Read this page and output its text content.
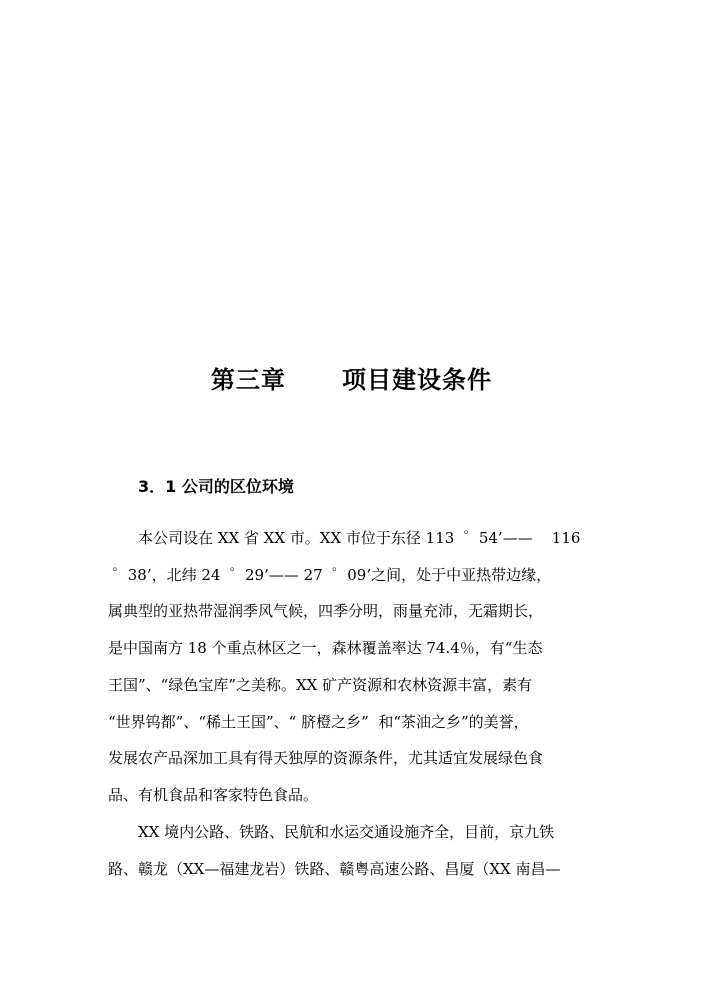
第三章      项目建设条件
3．1 公司的区位环境
本公司设在 XX 省 XX 市。XX 市位于东径 113  ゜54’——    116
゜38’，北纬 24  ゜29’—— 27  ゜09’之间，处于中亚热带边缘，
属典型的亚热带湿润季风气候，四季分明，雨量充沛，无霜期长，
是中国南方 18 个重点林区之一，森林覆盖率达 74.4％，有“生态
王国”、“绿色宝库”之美称。XX 矿产资源和农林资源丰富，素有
“世界钨都”、“稀土王国”、“ 脐橙之乡”  和“茶油之乡”的美誉，
发展农产品深加工具有得天独厚的资源条件，尤其适宜发展绿色食
品、有机食品和客家特色食品。
XX 境内公路、铁路、民航和水运交通设施齐全，目前，京九铁
路、赣龙（XX—福建龙岩）铁路、赣粤高速公路、昌厦（XX 南昌—
